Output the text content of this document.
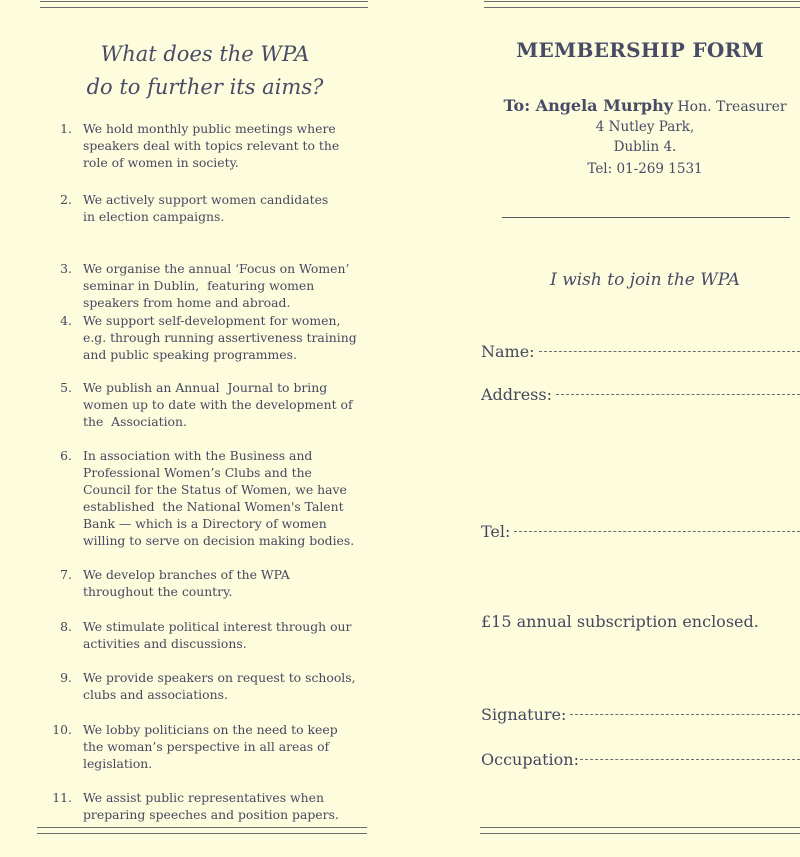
What does the WPA
do to further its aims?
1. We hold monthly public meetings where
speakers deal with topics relevant to the
role of women in society.
2. We actively support women candidates
in election campaigns.
3. We organise the annual ‘Focus on Women’
seminar in Dublin,  featuring women
speakers from home and abroad.
4. We support self-development for women,
e.g. through running assertiveness training
and public speaking programmes.
5. We publish an Annual  Journal to bring
women up to date with the development of
the  Association.
6. In association with the Business and
Professional Women’s Clubs and the
Council for the Status of Women, we have
established  the National Women's Talent
Bank — which is a Directory of women
willing to serve on decision making bodies.
7. We develop branches of the WPA
throughout the country.
8. We stimulate political interest through our
activities and discussions.
9. We provide speakers on request to schools,
clubs and associations.
10. We lobby politicians on the need to keep
the woman’s perspective in all areas of
legislation.
11. We assist public representatives when
preparing speeches and position papers.
MEMBERSHIP FORM
To: Angela Murphy Hon. Treasurer
4 Nutley Park,
Dublin 4.
Tel: 01-269 1531
I wish to join the WPA
Name:
Address:
Tel:
£15 annual subscription enclosed.
Signature:
Occupation:
